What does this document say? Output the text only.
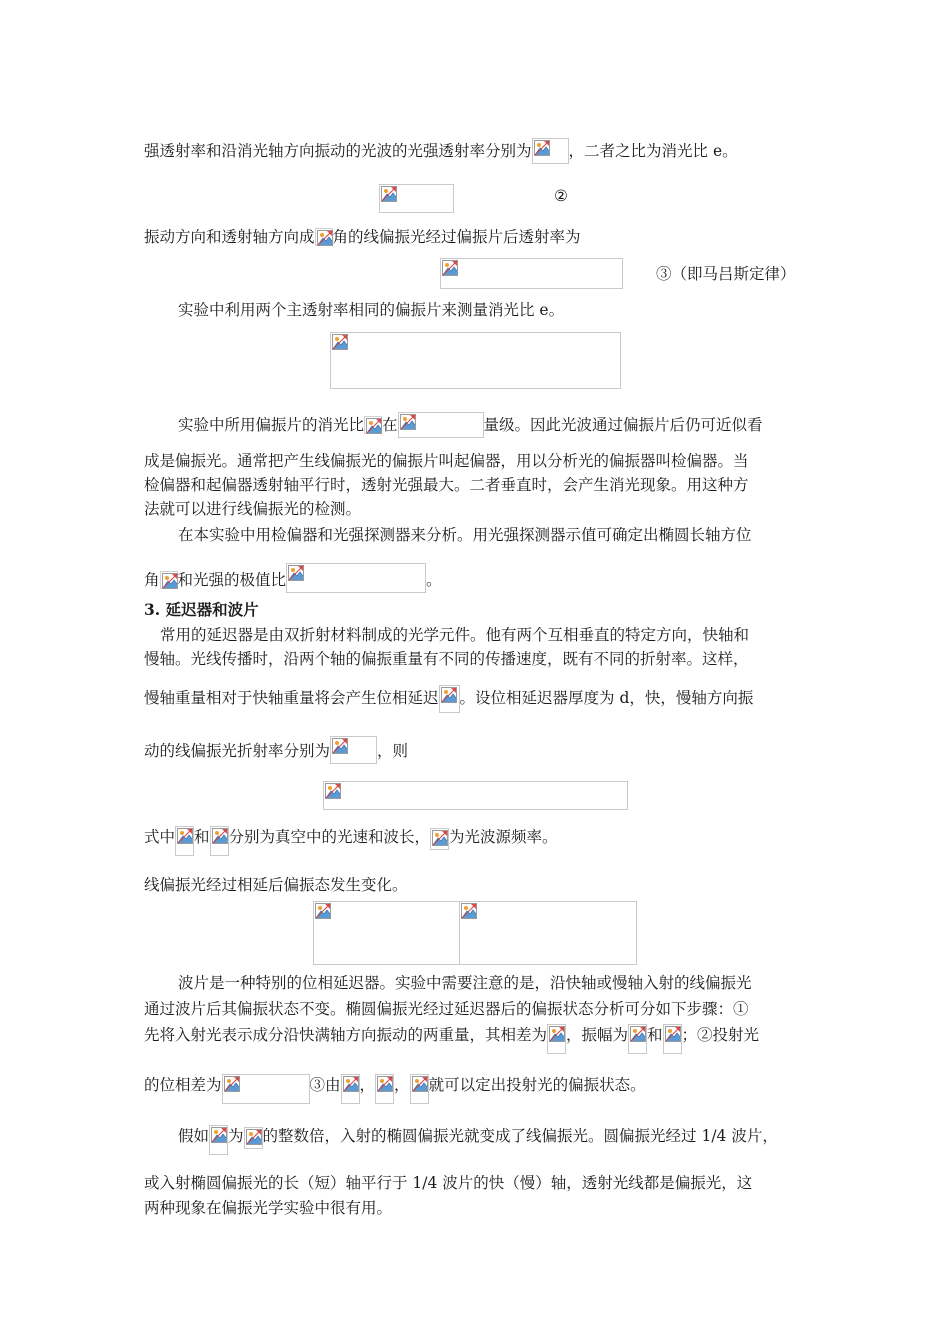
强透射率和沿消光轴方向振动的光波的光强透射率分别为 ，二者之比为消光比 e。
②
振动方向和透射轴方向成 角的线偏振光经过偏振片后透射率为
③（即马吕斯定律）
实验中利用两个主透射率相同的偏振片来测量消光比 e。
实验中所用偏振片的消光比 在	量级。因此光波通过偏振片后仍可近似看
成是偏振光。通常把产生线偏振光的偏振片叫起偏器，用以分析光的偏振器叫检偏器。当
检偏器和起偏器透射轴平行时，透射光强最大。二者垂直时，会产生消光现象。用这种方
法就可以进行线偏振光的检测。
在本实验中用检偏器和光强探测器来分析。用光强探测器示值可确定出椭圆长轴方位
角 和光强的极值比	。
3. 延迟器和波片
常用的延迟器是由双折射材料制成的光学元件。他有两个互相垂直的特定方向，快轴和
慢轴。光线传播时，沿两个轴的偏振重量有不同的传播速度，既有不同的折射率。这样，
慢轴重量相对于快轴重量将会产生位相延迟 。设位相延迟器厚度为 d，快，慢轴方向振
动的线偏振光折射率分别为	，则
式中 和 分别为真空中的光速和波长， 为光波源频率。
线偏振光经过相延后偏振态发生变化。
波片是一种特别的位相延迟器。实验中需要注意的是，沿快轴或慢轴入射的线偏振光
通过波片后其偏振状态不变。椭圆偏振光经过延迟器后的偏振状态分析可分如下步骤：①
先将入射光表示成分沿快满轴方向振动的两重量，其相差为 ，振幅为 和 ；②投射光
的位相差为	③由 ， ， 就可以定出投射光的偏振状态。
假如 为 的整数倍，入射的椭圆偏振光就变成了线偏振光。圆偏振光经过 1/4 波片，
或入射椭圆偏振光的长（短）轴平行于 1/4 波片的快（慢）轴，透射光线都是偏振光，这
两种现象在偏振光学实验中很有用。
